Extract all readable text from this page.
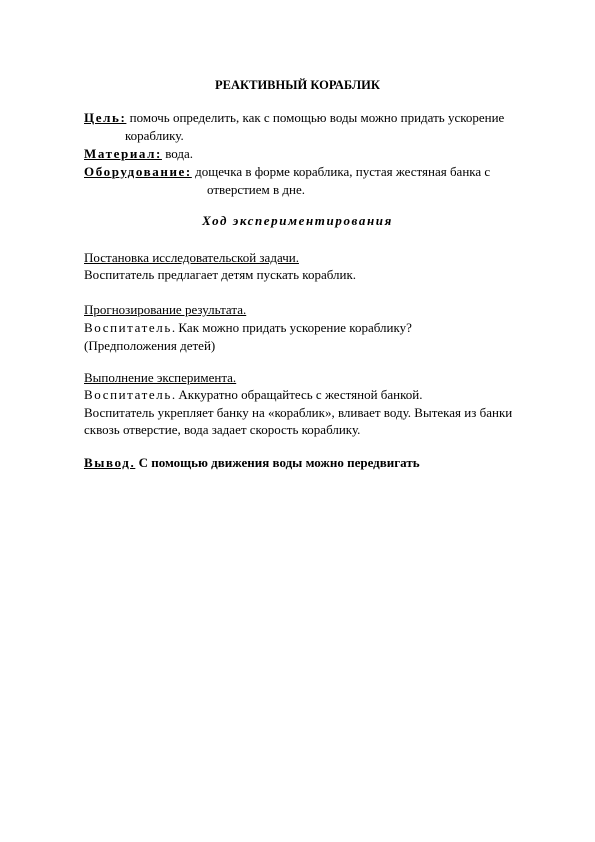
РЕАКТИВНЫЙ КОРАБЛИК
Цель: помочь определить, как с помощью воды можно придать ускорение
кораблику.
Материал: вода.
Оборудование: дощечка в форме кораблика, пустая жестяная банка с
отверстием в дне.
Ход экспериментирования
Постановка исследовательской задачи.
Воспитатель предлагает детям пускать кораблик.
Прогнозирование результата.
Воспитатель. Как можно придать ускорение кораблику?
(Предположения детей)
Выполнение эксперимента.
Воспитатель. Аккуратно обращайтесь с жестяной банкой.
Воспитатель укрепляет банку на «кораблик», вливает воду. Вытекая из банки
сквозь отверстие, вода задает скорость кораблику.
Вывод. С помощью движения воды можно передвигать
